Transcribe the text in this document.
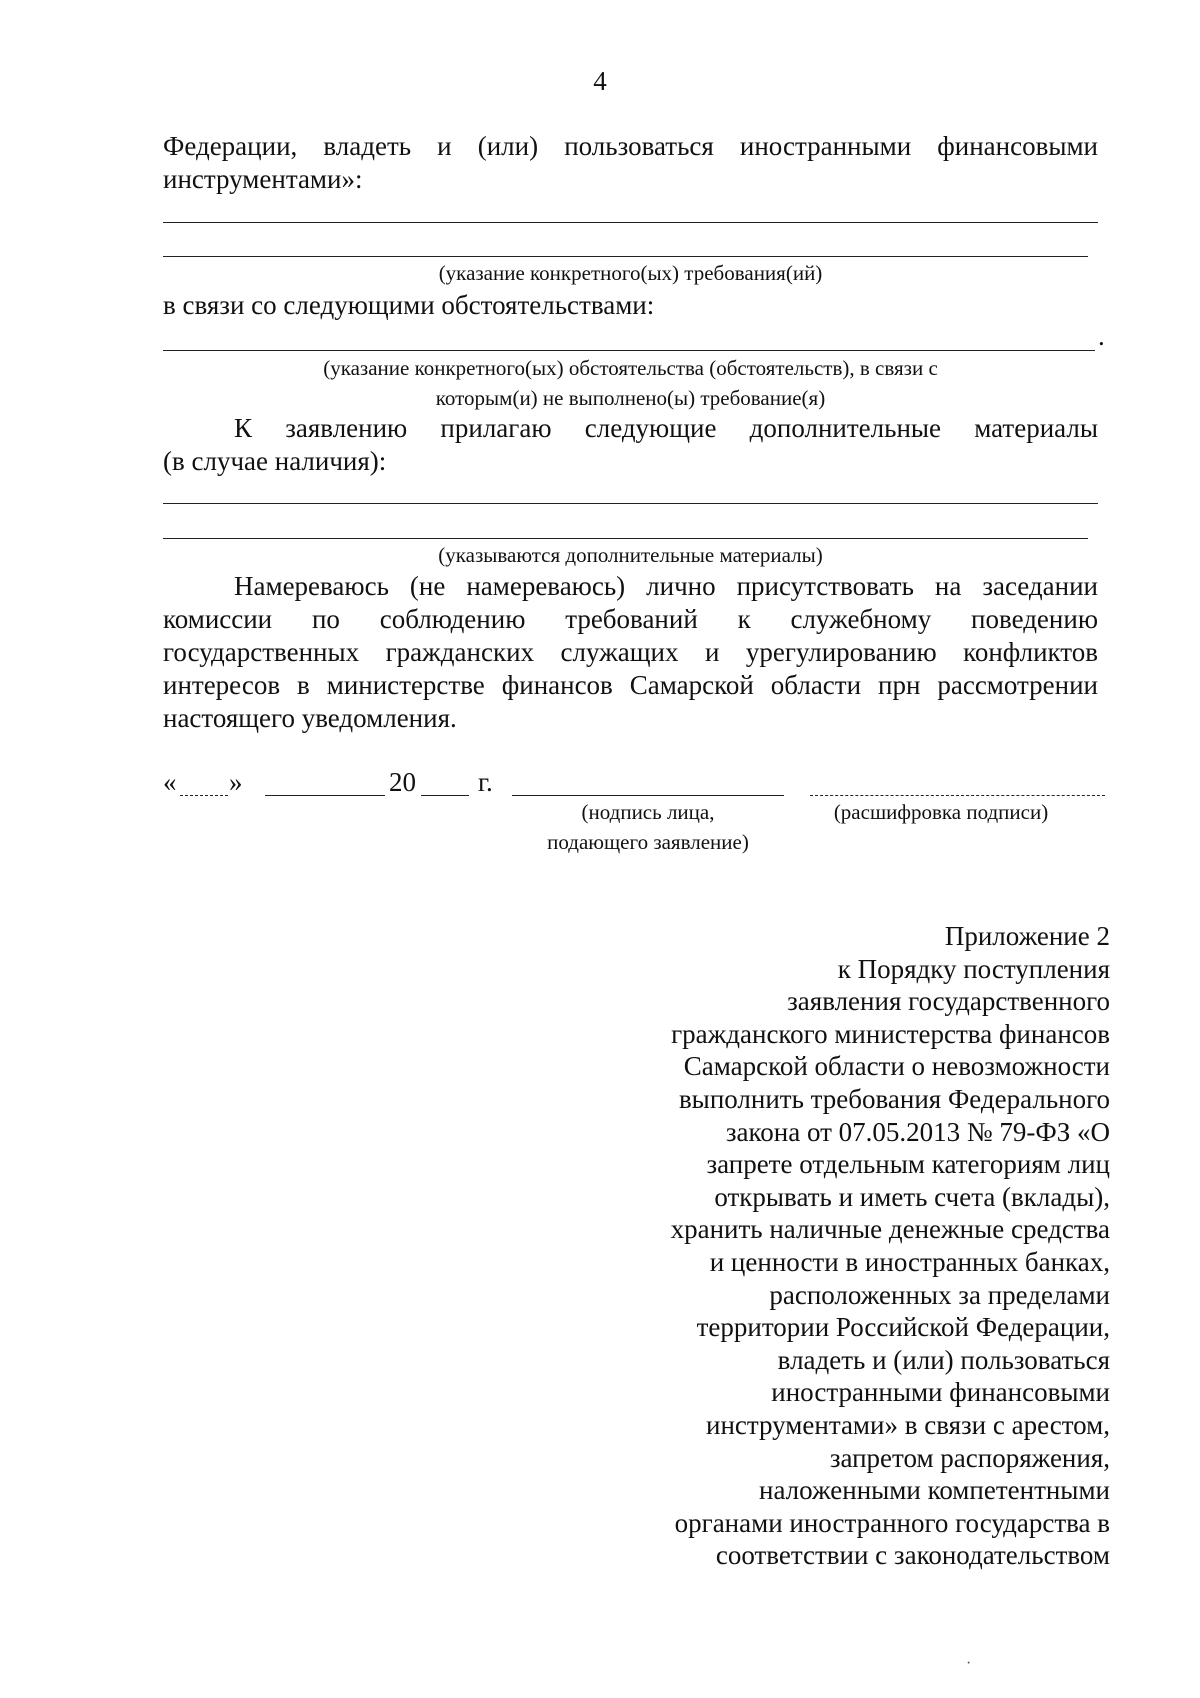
4
Федерации, владеть и (или) пользоваться иностранными финансовыми
инструментами»:
(указание конкретного(ых) требования(ий)
в связи со следующими обстоятельствами:
.
(указание конкретного(ых) обстоятельства (обстоятельств), в связи с
которым(и) не выполнено(ы) требование(я)
К заявлению прилагаю следующие дополнительные материалы
(в случае наличия):
(указываются дополнительные материалы)
Намереваюсь (не намереваюсь) лично присутствовать на заседании
комиссии по соблюдению требований к служебному поведению
государственных гражданских служащих и урегулированию конфликтов
интересов в министерстве финансов Самарской области прн рассмотрении
настоящего уведомления.
« »	20 г.
(нодпись лица,
подающего заявление)
(расшифровка подписи)
Приложение 2
к Порядку поступления
заявления государственного
гражданского министерства финансов
Самарской области о невозможности
выполнить требования Федерального
закона от 07.05.2013 № 79-ФЗ «О
запрете отдельным категориям лиц
открывать и иметь счета (вклады),
хранить наличные денежные средства
и ценности в иностранных банках,
расположенных за пределами
территории Российской Федерации,
владеть и (или) пользоваться
иностранными финансовыми
инструментами» в связи с арестом,
запретом распоряжения,
наложенными компетентными
органами иностранного государства в
соответствии с законодательством
·
